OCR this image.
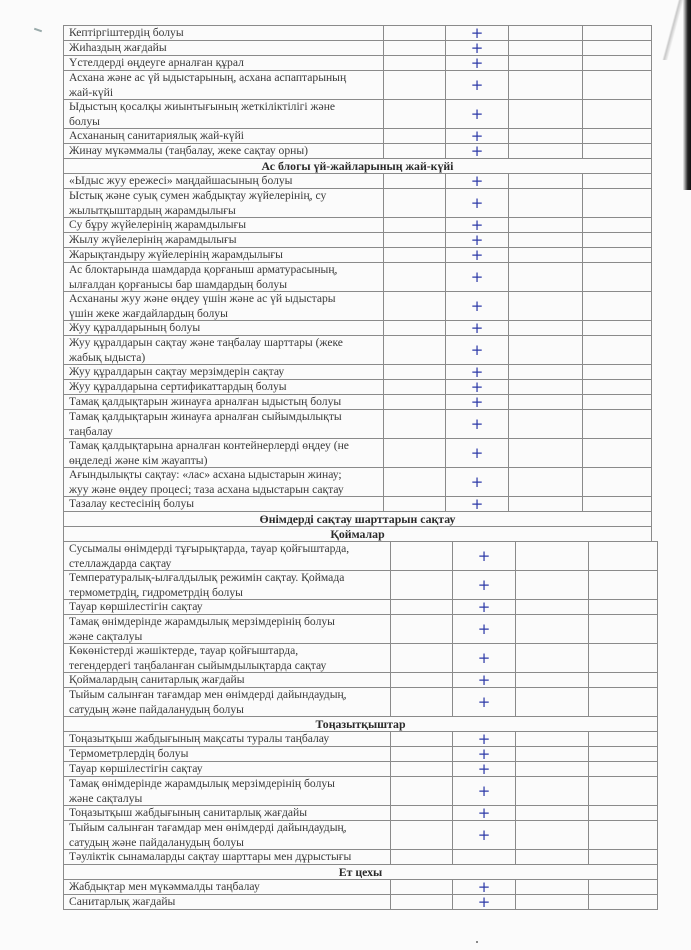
Кептіргіштердің болуы	+
Жиһаздың жағдайы	+
Үстелдерді өңдеуге арналған құрал	+
Асхана және ас үй ыдыстарының, асхана аспаптарының
жай-күйі	+
Ыдыстың қосалқы жиынтығының жеткіліктілігі және
болуы	+
Асхананың санитариялық жай-күйі	+
Жинау мүкәммалы (таңбалау, жеке сақтау орны)	+
Ас блогы үй-жайларының жай-күйі
«Ыдыс жуу ережесі» маңдайшасының болуы	+
Ыстық және суық сумен жабдықтау жүйелерінің, су
жылытқыштардың жарамдылығы	+
Су бұру жүйелерінің жарамдылығы	+
Жылу жүйелерінің жарамдылығы	+
Жарықтандыру жүйелерінің жарамдылығы	+
Ас блоктарында шамдарда қорғаныш арматурасының,
ылғалдан қорғанысы бар шамдардың болуы	+
Асхананы жуу және өңдеу үшін және ас үй ыдыстары
үшін жеке жағдайлардың болуы	+
Жуу құралдарының болуы	+
Жуу құралдарын сақтау және таңбалау шарттары (жеке
жабық ыдыста)	+
Жуу құралдарын сақтау мерзімдерін сақтау	+
Жуу құралдарына сертификаттардың болуы	+
Тамақ қалдықтарын жинауға арналған ыдыстың болуы	+
Тамақ қалдықтарын жинауға арналған сыйымдылықты
таңбалау	+
Тамақ қалдықтарына арналған контейнерлерді өңдеу (не
өңделеді және кім жауапты)	+
Ағындылықты сақтау: «лас» асхана ыдыстарын жинау;
жуу және өңдеу процесі; таза асхана ыдыстарын сақтау	+
Тазалау кестесінің болуы	+
Өнімдерді сақтау шарттарын сақтау
Қоймалар
Сусымалы өнімдерді тұғырықтарда, тауар қойғыштарда,
стеллаждарда сақтау	+
Температуралық-ылғалдылық режимін сақтау. Қоймада
термометрдің, гидрометрдің болуы	+
Тауар көршілестігін сақтау	+
Тамақ өнімдерінде жарамдылық мерзімдерінің болуы
және сақталуы	+
Көкөністерді жәшіктерде, тауар қойғыштарда,
тегендердегі таңбаланған сыйымдылықтарда сақтау	+
Қоймалардың санитарлық жағдайы	+
Тыйым салынған тағамдар мен өнімдерді дайындаудың,
сатудың және пайдаланудың болуы	+
Тоңазытқыштар
Тоңазытқыш жабдығының мақсаты туралы таңбалау	+
Термометрлердің болуы	+
Тауар көршілестігін сақтау	+
Тамақ өнімдерінде жарамдылық мерзімдерінің болуы
және сақталуы	+
Тоңазытқыш жабдығының санитарлық жағдайы	+
Тыйым салынған тағамдар мен өнімдерді дайындаудың,
сатудың және пайдаланудың болуы	+
Тәуліктік сынамаларды сақтау шарттары мен дұрыстығы
Ет цехы
Жабдықтар мен мүкәммалды таңбалау	+
Санитарлық жағдайы	+
